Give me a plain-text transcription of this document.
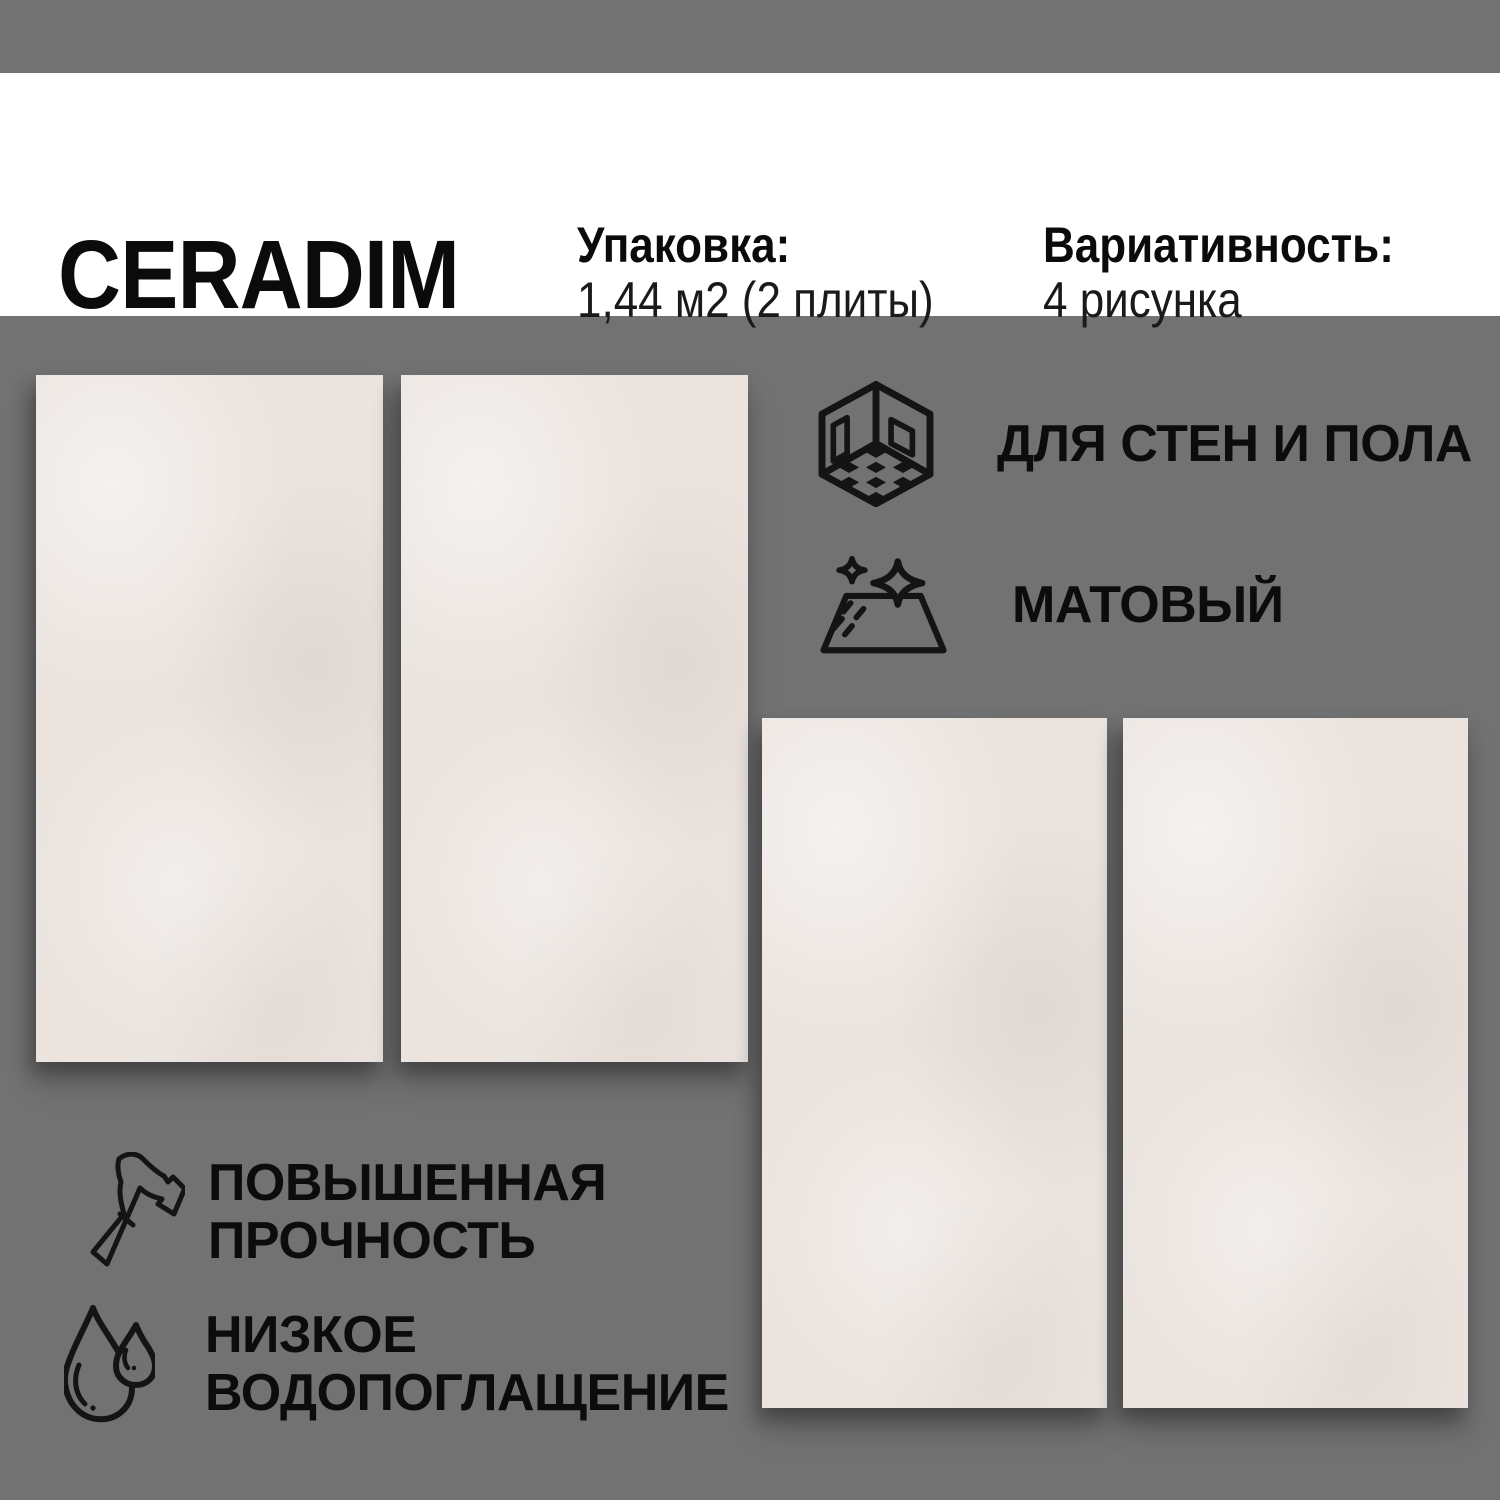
CERADIM Упаковка:
1,44 м2 (2 плиты)
Вариативность:
4 рисунка
ДЛЯ СТЕН И ПОЛА
МАТОВЫЙ
ПОВЫШЕННАЯ
ПРОЧНОСТЬ
НИЗКОЕ
ВОДОПОГЛАЩЕНИЕ
